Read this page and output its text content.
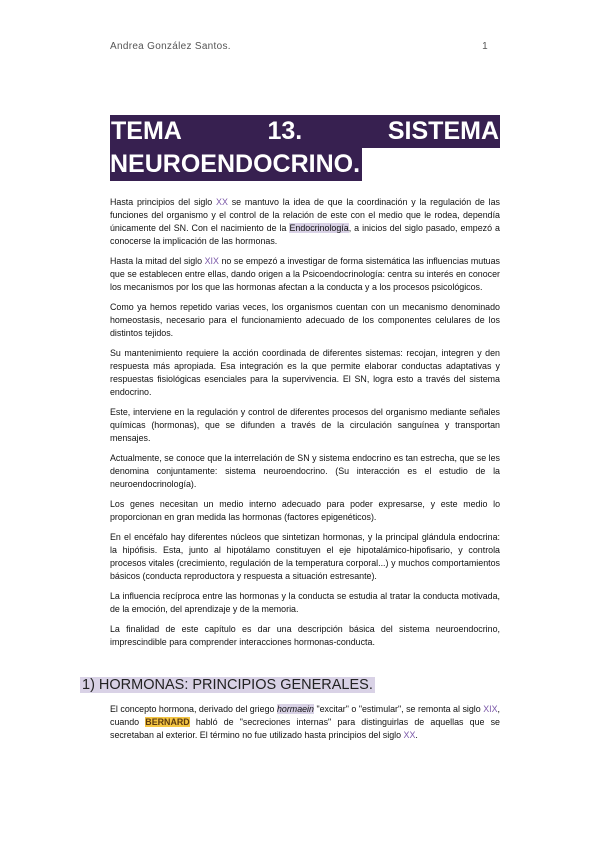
Andrea González Santos.	1
TEMA	13.	SISTEMA
NEUROENDOCRINO.

Hasta principios del siglo XX se mantuvo la idea de que la coordinación y la regulación de las funciones del organismo y el control de la relación de este con el medio que le rodea, dependía únicamente del SN. Con el nacimiento de la Endocrinología, a inicios del siglo pasado, empezó a conocerse la implicación de las hormonas.

Hasta la mitad del siglo XIX no se empezó a investigar de forma sistemática las influencias mutuas que se establecen entre ellas, dando origen a la Psicoendocrinología: centra su interés en conocer los mecanismos por los que las hormonas afectan a la conducta y a los procesos psicológicos.

Como ya hemos repetido varias veces, los organismos cuentan con un mecanismo denominado homeostasis, necesario para el funcionamiento adecuado de los componentes celulares de los distintos tejidos.

Su mantenimiento requiere la acción coordinada de diferentes sistemas: recojan, integren y den respuesta más apropiada. Esa integración es la que permite elaborar conductas adaptativas y respuestas fisiológicas esenciales para la supervivencia. El SN, logra esto a través del sistema endocrino.

Este, interviene en la regulación y control de diferentes procesos del organismo mediante señales químicas (hormonas), que se difunden a través de la circulación sanguínea y transportan mensajes.

Actualmente, se conoce que la interrelación de SN y sistema endocrino es tan estrecha, que se les denomina conjuntamente: sistema neuroendocrino. (Su interacción es el estudio de la neuroendocrinología).

Los genes necesitan un medio interno adecuado para poder expresarse, y este medio lo proporcionan en gran medida las hormonas (factores epigenéticos).

En el encéfalo hay diferentes núcleos que sintetizan hormonas, y la principal glándula endocrina: la hipófisis. Esta, junto al hipotálamo constituyen el eje hipotalámico-hipofisario, y controla procesos vitales (crecimiento, regulación de la temperatura corporal...) y muchos comportamientos básicos (conducta reproductora y respuesta a situación estresante).

La influencia recíproca entre las hormonas y la conducta se estudia al tratar la conducta motivada, de la emoción, del aprendizaje y de la memoria.

La finalidad de este capítulo es dar una descripción básica del sistema neuroendocrino, imprescindible para comprender interacciones hormonas-conducta.

1) HORMONAS: PRINCIPIOS GENERALES.

El concepto hormona, derivado del griego hormaein "excitar" o "estimular", se remonta al siglo XIX, cuando BERNARD habló de "secreciones internas" para distinguirlas de aquellas que se secretaban al exterior. El término no fue utilizado hasta principios del siglo XX.
